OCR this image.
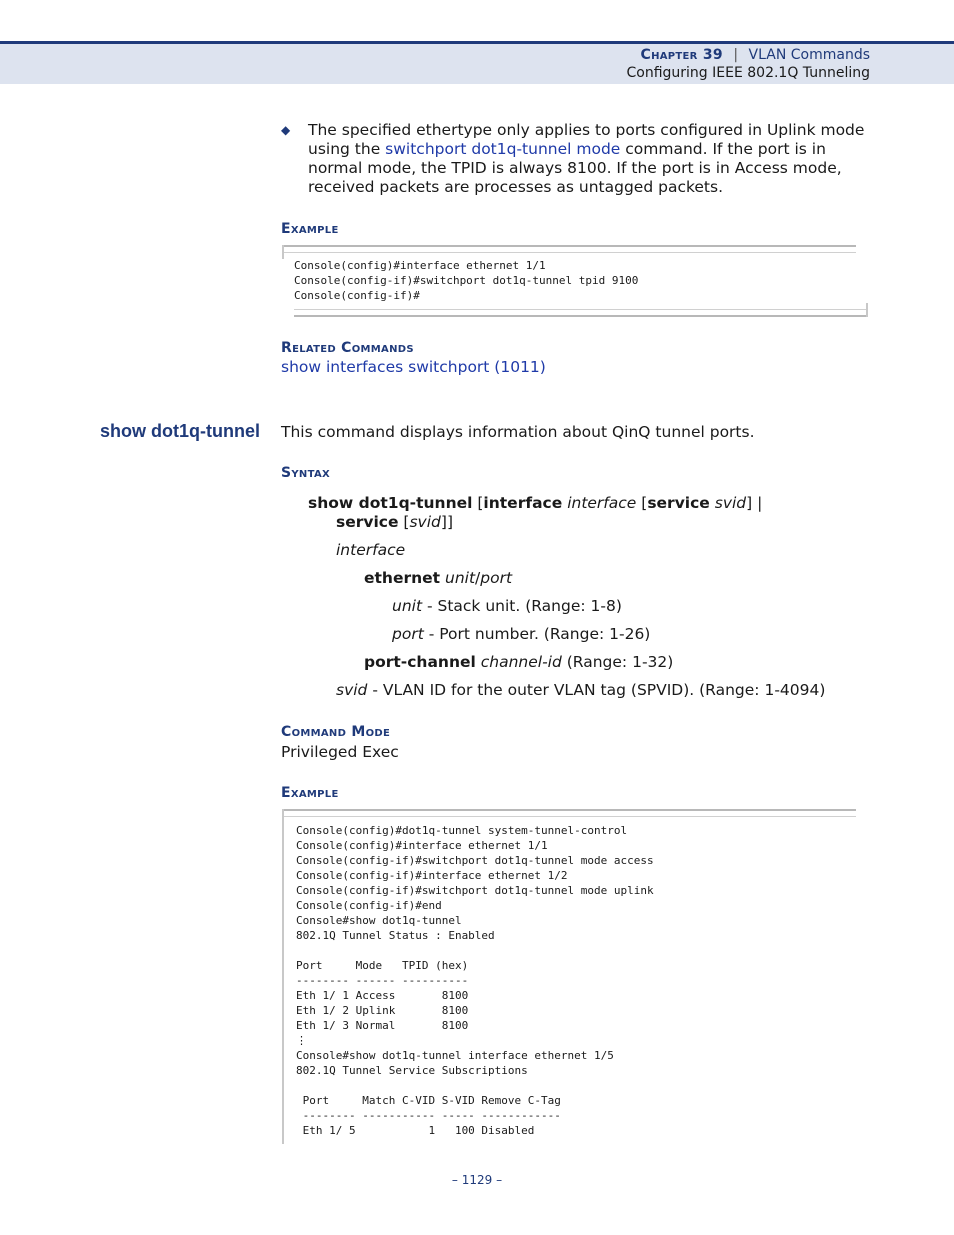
Chapter 39 | VLAN Commands
Configuring IEEE 802.1Q Tunneling
◆ The specified ethertype only applies to ports configured in Uplink mode using the switchport dot1q-tunnel mode command. If the port is in normal mode, the TPID is always 8100. If the port is in Access mode, received packets are processes as untagged packets.
Example
Console(config)#interface ethernet 1/1
Console(config-if)#switchport dot1q-tunnel tpid 9100
Console(config-if)#
Related Commands
show interfaces switchport (1011)
show dot1q-tunnel This command displays information about QinQ tunnel ports.
Syntax
show dot1q-tunnel [interface interface [service svid] |
service [svid]]
interface
ethernet unit/port
unit - Stack unit. (Range: 1-8)
port - Port number. (Range: 1-26)
port-channel channel-id (Range: 1-32)
svid - VLAN ID for the outer VLAN tag (SPVID). (Range: 1-4094)
Command Mode
Privileged Exec
Example
Console(config)#dot1q-tunnel system-tunnel-control
Console(config)#interface ethernet 1/1
Console(config-if)#switchport dot1q-tunnel mode access
Console(config-if)#interface ethernet 1/2
Console(config-if)#switchport dot1q-tunnel mode uplink
Console(config-if)#end
Console#show dot1q-tunnel
802.1Q Tunnel Status : Enabled

Port     Mode   TPID (hex)
-------- ------ ----------
Eth 1/ 1 Access       8100
Eth 1/ 2 Uplink       8100
Eth 1/ 3 Normal       8100
⋮
Console#show dot1q-tunnel interface ethernet 1/5
802.1Q Tunnel Service Subscriptions

Port     Match C-VID S-VID Remove C-Tag
-------- ----------- ----- ------------
Eth 1/ 5           1   100 Disabled
– 1129 –
